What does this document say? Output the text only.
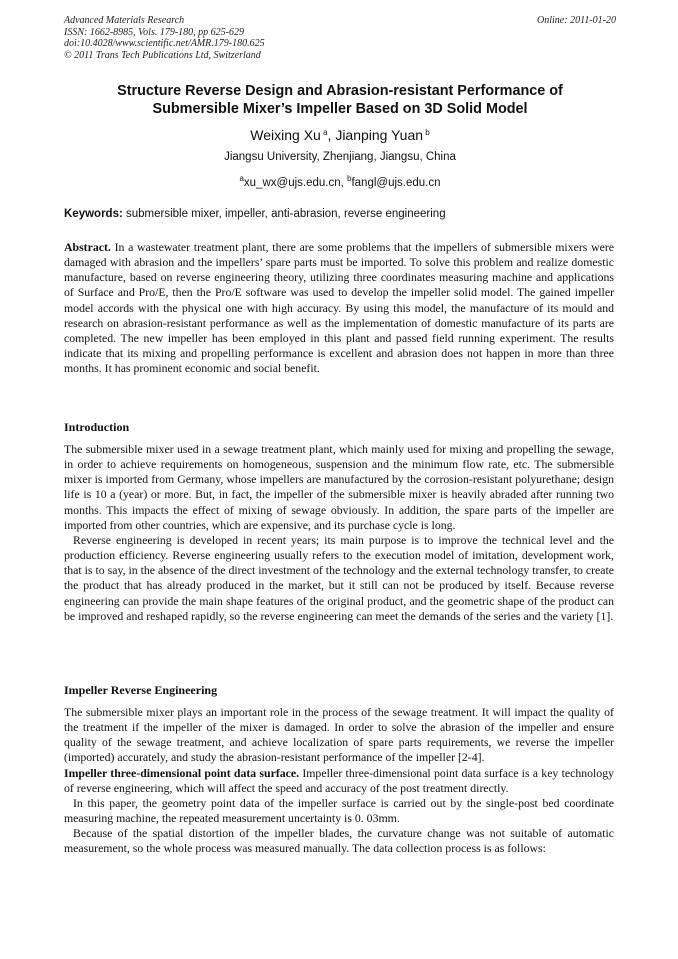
Advanced Materials Research
ISSN: 1662-8985, Vols. 179-180, pp 625-629
doi:10.4028/www.scientific.net/AMR.179-180.625
© 2011 Trans Tech Publications Ltd, Switzerland
Online: 2011-01-20
Structure Reverse Design and Abrasion-resistant Performance of
Submersible Mixer’s Impeller Based on 3D Solid Model
Weixing Xu $^a$, Jianping Yuan $^b$
Jiangsu University, Zhenjiang, Jiangsu, China
$^a$xu_wx@ujs.edu.cn, $^b$fangl@ujs.edu.cn
Keywords: submersible mixer, impeller, anti-abrasion, reverse engineering

Abstract. In a wastewater treatment plant, there are some problems that the impellers of submersible mixers were damaged with abrasion and the impellers’ spare parts must be imported. To solve this problem and realize domestic manufacture, based on reverse engineering theory, utilizing three coordinates measuring machine and applications of Surface and Pro/E, then the Pro/E software was used to develop the impeller solid model. The gained impeller model accords with the physical one with high accuracy. By using this model, the manufacture of its mould and research on abrasion-resistant performance as well as the implementation of domestic manufacture of its parts are completed. The new impeller has been employed in this plant and passed field running experiment. The results indicate that its mixing and propelling performance is excellent and abrasion does not happen in more than three months. It has prominent economic and social benefit.

Introduction

The submersible mixer used in a sewage treatment plant, which mainly used for mixing and propelling the sewage, in order to achieve requirements on homogeneous, suspension and the minimum flow rate, etc. The submersible mixer is imported from Germany, whose impellers are manufactured by the corrosion-resistant polyurethane; design life is 10 a (year) or more. But, in fact, the impeller of the submersible mixer is heavily abraded after running two months. This impacts the effect of mixing of sewage obviously. In addition, the spare parts of the impeller are imported from other countries, which are expensive, and its purchase cycle is long.

Reverse engineering is developed in recent years; its main purpose is to improve the technical level and the production efficiency. Reverse engineering usually refers to the execution model of imitation, development work, that is to say, in the absence of the direct investment of the technology and the external technology transfer, to create the product that has already produced in the market, but it still can not be produced by itself. Because reverse engineering can provide the main shape features of the original product, and the geometric shape of the product can be improved and reshaped rapidly, so the reverse engineering can meet the demands of the series and the variety [1].

Impeller Reverse Engineering

The submersible mixer plays an important role in the process of the sewage treatment. It will impact the quality of the treatment if the impeller of the mixer is damaged. In order to solve the abrasion of the impeller and ensure quality of the sewage treatment, and achieve localization of spare parts requirements, we reverse the impeller (imported) accurately, and study the abrasion-resistant performance of the impeller [2-4].

Impeller three-dimensional point data surface. Impeller three-dimensional point data surface is a key technology of reverse engineering, which will affect the speed and accuracy of the post treatment directly.

In this paper, the geometry point data of the impeller surface is carried out by the single-post bed coordinate measuring machine, the repeated measurement uncertainty is 0. 03mm.

Because of the spatial distortion of the impeller blades, the curvature change was not suitable of automatic measurement, so the whole process was measured manually. The data collection process is as follows:
